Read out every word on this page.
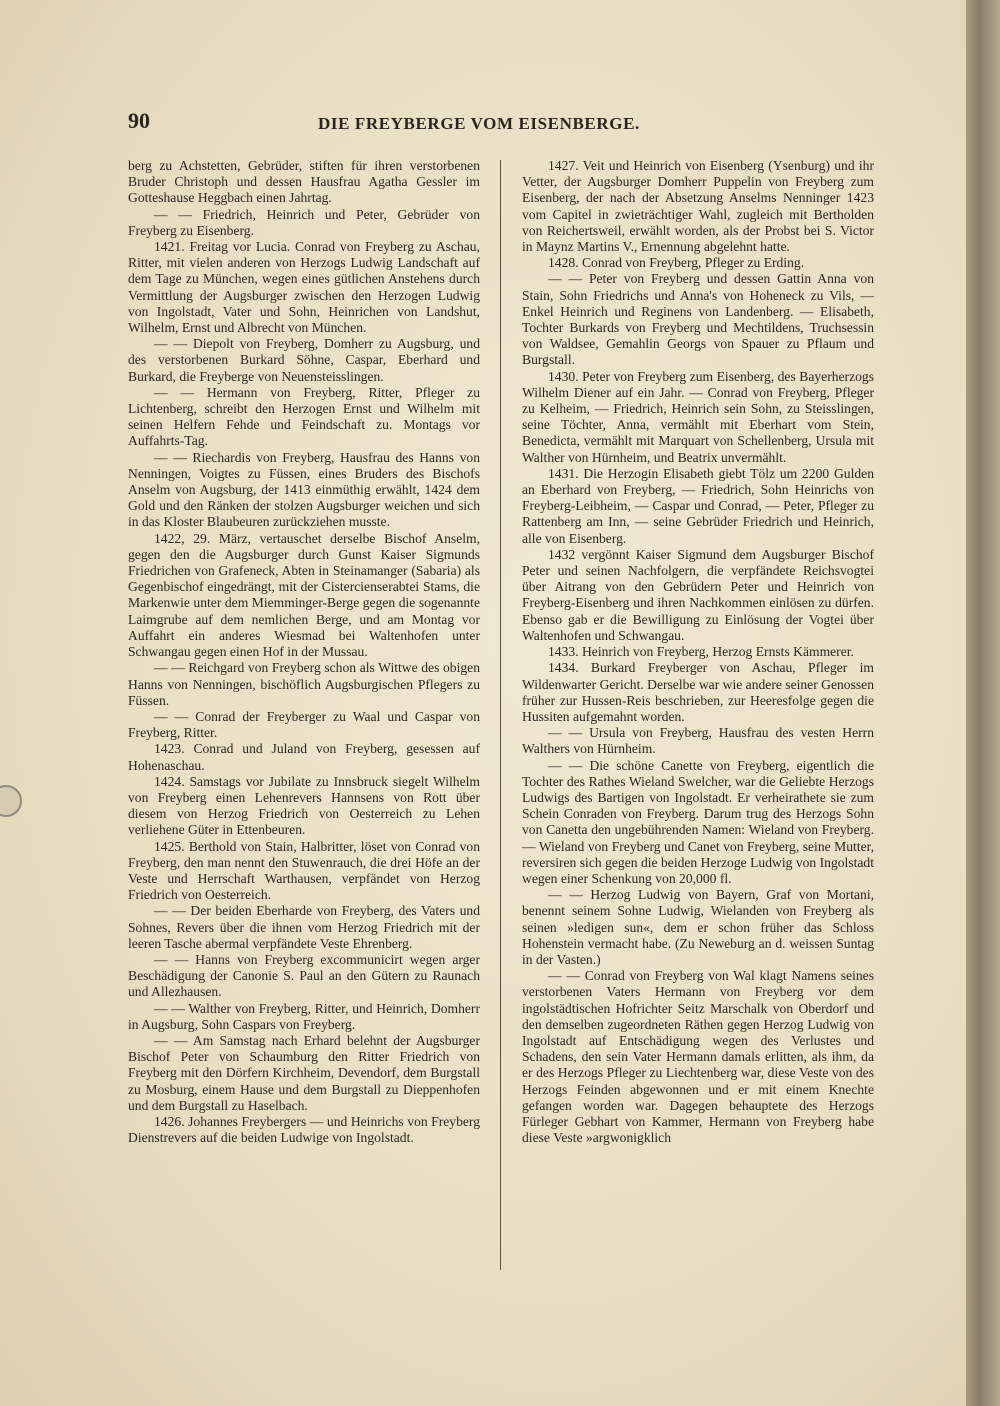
90	DIE FREYBERGE VOM EISENBERGE.

berg zu Achstetten, Gebrüder, stiften für ihren verstorbenen Bruder Christoph und dessen Hausfrau Agatha Gessler im Gotteshause Heggbach einen Jahrtag.

— — Friedrich, Heinrich und Peter, Gebrüder von Freyberg zu Eisenberg.

1421. Freitag vor Lucia. Conrad von Freyberg zu Aschau, Ritter, mit vielen anderen von Herzogs Ludwig Landschaft auf dem Tage zu München, wegen eines gütlichen Anstehens durch Vermittlung der Augsburger zwischen den Herzogen Ludwig von Ingolstadt, Vater und Sohn, Heinrichen von Landshut, Wilhelm, Ernst und Albrecht von München.

— — Diepolt von Freyberg, Domherr zu Augsburg, und des verstorbenen Burkard Söhne, Caspar, Eberhard und Burkard, die Freyberge von Neuensteisslingen.

— — Hermann von Freyberg, Ritter, Pfleger zu Lichtenberg, schreibt den Herzogen Ernst und Wilhelm mit seinen Helfern Fehde und Feindschaft zu. Montags vor Auffahrts-Tag.

— — Riechardis von Freyberg, Hausfrau des Hanns von Nenningen, Voigtes zu Füssen, eines Bruders des Bischofs Anselm von Augsburg, der 1413 einmüthig erwählt, 1424 dem Gold und den Ränken der stolzen Augsburger weichen und sich in das Kloster Blaubeuren zurückziehen musste.

1422, 29. März, vertauschet derselbe Bischof Anselm, gegen den die Augsburger durch Gunst Kaiser Sigmunds Friedrichen von Grafeneck, Abten in Steinamanger (Sabaria) als Gegenbischof eingedrängt, mit der Cistercienserabtei Stams, die Markenwie unter dem Miemminger-Berge gegen die sogenannte Laimgrube auf dem nemlichen Berge, und am Montag vor Auffahrt ein anderes Wiesmad bei Waltenhofen unter Schwangau gegen einen Hof in der Mussau.

— — Reichgard von Freyberg schon als Wittwe des obigen Hanns von Nenningen, bischöflich Augsburgischen Pflegers zu Füssen.

— — Conrad der Freyberger zu Waal und Caspar von Freyberg, Ritter.

1423. Conrad und Juland von Freyberg, gesessen auf Hohenaschau.

1424. Samstags vor Jubilate zu Innsbruck siegelt Wilhelm von Freyberg einen Lehenrevers Hannsens von Rott über diesem von Herzog Friedrich von Oesterreich zu Lehen verliehene Güter in Ettenbeuren.

1425. Berthold von Stain, Halbritter, löset von Conrad von Freyberg, den man nennt den Stuwenrauch, die drei Höfe an der Veste und Herrschaft Warthausen, verpfändet von Herzog Friedrich von Oesterreich.

— — Der beiden Eberharde von Freyberg, des Vaters und Sohnes, Revers über die ihnen vom Herzog Friedrich mit der leeren Tasche abermal verpfändete Veste Ehrenberg.

— — Hanns von Freyberg excommunicirt wegen arger Beschädigung der Canonie S. Paul an den Gütern zu Raunach und Allezhausen.

— — Walther von Freyberg, Ritter, und Heinrich, Domherr in Augsburg, Sohn Caspars von Freyberg.

— — Am Samstag nach Erhard belehnt der Augsburger Bischof Peter von Schaumburg den Ritter Friedrich von Freyberg mit den Dörfern Kirchheim, Devendorf, dem Burgstall zu Mosburg, einem Hause und dem Burgstall zu Dieppenhofen und dem Burgstall zu Haselbach.

1426. Johannes Freybergers — und Heinrichs von Freyberg Dienstrevers auf die beiden Ludwige von Ingolstadt.

1427. Veit und Heinrich von Eisenberg (Ysenburg) und ihr Vetter, der Augsburger Domherr Puppelin von Freyberg zum Eisenberg, der nach der Absetzung Anselms Nenninger 1423 vom Capitel in zwieträchtiger Wahl, zugleich mit Bertholden von Reichertsweil, erwählt worden, als der Probst bei S. Victor in Maynz Martins V., Ernennung abgelehnt hatte.

1428. Conrad von Freyberg, Pfleger zu Erding.

— — Peter von Freyberg und dessen Gattin Anna von Stain, Sohn Friedrichs und Anna's von Hoheneck zu Vils, — Enkel Heinrich und Reginens von Landenberg. — Elisabeth, Tochter Burkards von Freyberg und Mechtildens, Truchsessin von Waldsee, Gemahlin Georgs von Spauer zu Pflaum und Burgstall.

1430. Peter von Freyberg zum Eisenberg, des Bayerherzogs Wilhelm Diener auf ein Jahr. — Conrad von Freyberg, Pfleger zu Kelheim, — Friedrich, Heinrich sein Sohn, zu Steisslingen, seine Töchter, Anna, vermählt mit Eberhart vom Stein, Benedicta, vermählt mit Marquart von Schellenberg, Ursula mit Walther von Hürnheim, und Beatrix unvermählt.

1431. Die Herzogin Elisabeth giebt Tölz um 2200 Gulden an Eberhard von Freyberg, — Friedrich, Sohn Heinrichs von Freyberg-Leibheim, — Caspar und Conrad, — Peter, Pfleger zu Rattenberg am Inn, — seine Gebrüder Friedrich und Heinrich, alle von Eisenberg.

1432 vergönnt Kaiser Sigmund dem Augsburger Bischof Peter und seinen Nachfolgern, die verpfändete Reichsvogtei über Aitrang von den Gebrüdern Peter und Heinrich von Freyberg-Eisenberg und ihren Nachkommen einlösen zu dürfen. Ebenso gab er die Bewilligung zu Einlösung der Vogtei über Waltenhofen und Schwangau.

1433. Heinrich von Freyberg, Herzog Ernsts Kämmerer.

1434. Burkard Freyberger von Aschau, Pfleger im Wildenwarter Gericht. Derselbe war wie andere seiner Genossen früher zur Hussen-Reis beschrieben, zur Heeresfolge gegen die Hussiten aufgemahnt worden.

— — Ursula von Freyberg, Hausfrau des vesten Herrn Walthers von Hürnheim.

— — Die schöne Canette von Freyberg, eigentlich die Tochter des Rathes Wieland Swelcher, war die Geliebte Herzogs Ludwigs des Bartigen von Ingolstadt. Er verheirathete sie zum Schein Conraden von Freyberg. Darum trug des Herzogs Sohn von Canetta den ungebührenden Namen: Wieland von Freyberg. — Wieland von Freyberg und Canet von Freyberg, seine Mutter, reversiren sich gegen die beiden Herzoge Ludwig von Ingolstadt wegen einer Schenkung von 20,000 fl.

— — Herzog Ludwig von Bayern, Graf von Mortani, benennt seinem Sohne Ludwig, Wielanden von Freyberg als seinen »ledigen sun«, dem er schon früher das Schloss Hohenstein vermacht habe. (Zu Neweburg an d. weissen Suntag in der Vasten.)

— — Conrad von Freyberg von Wal klagt Namens seines verstorbenen Vaters Hermann von Freyberg vor dem ingolstädtischen Hofrichter Seitz Marschalk von Oberdorf und den demselben zugeordneten Räthen gegen Herzog Ludwig von Ingolstadt auf Entschädigung wegen des Verlustes und Schadens, den sein Vater Hermann damals erlitten, als ihm, da er des Herzogs Pfleger zu Liechtenberg war, diese Veste von des Herzogs Feinden abgewonnen und er mit einem Knechte gefangen worden war. Dagegen behauptete des Herzogs Fürleger Gebhart von Kammer, Hermann von Freyberg habe diese Veste »argwonigklich
